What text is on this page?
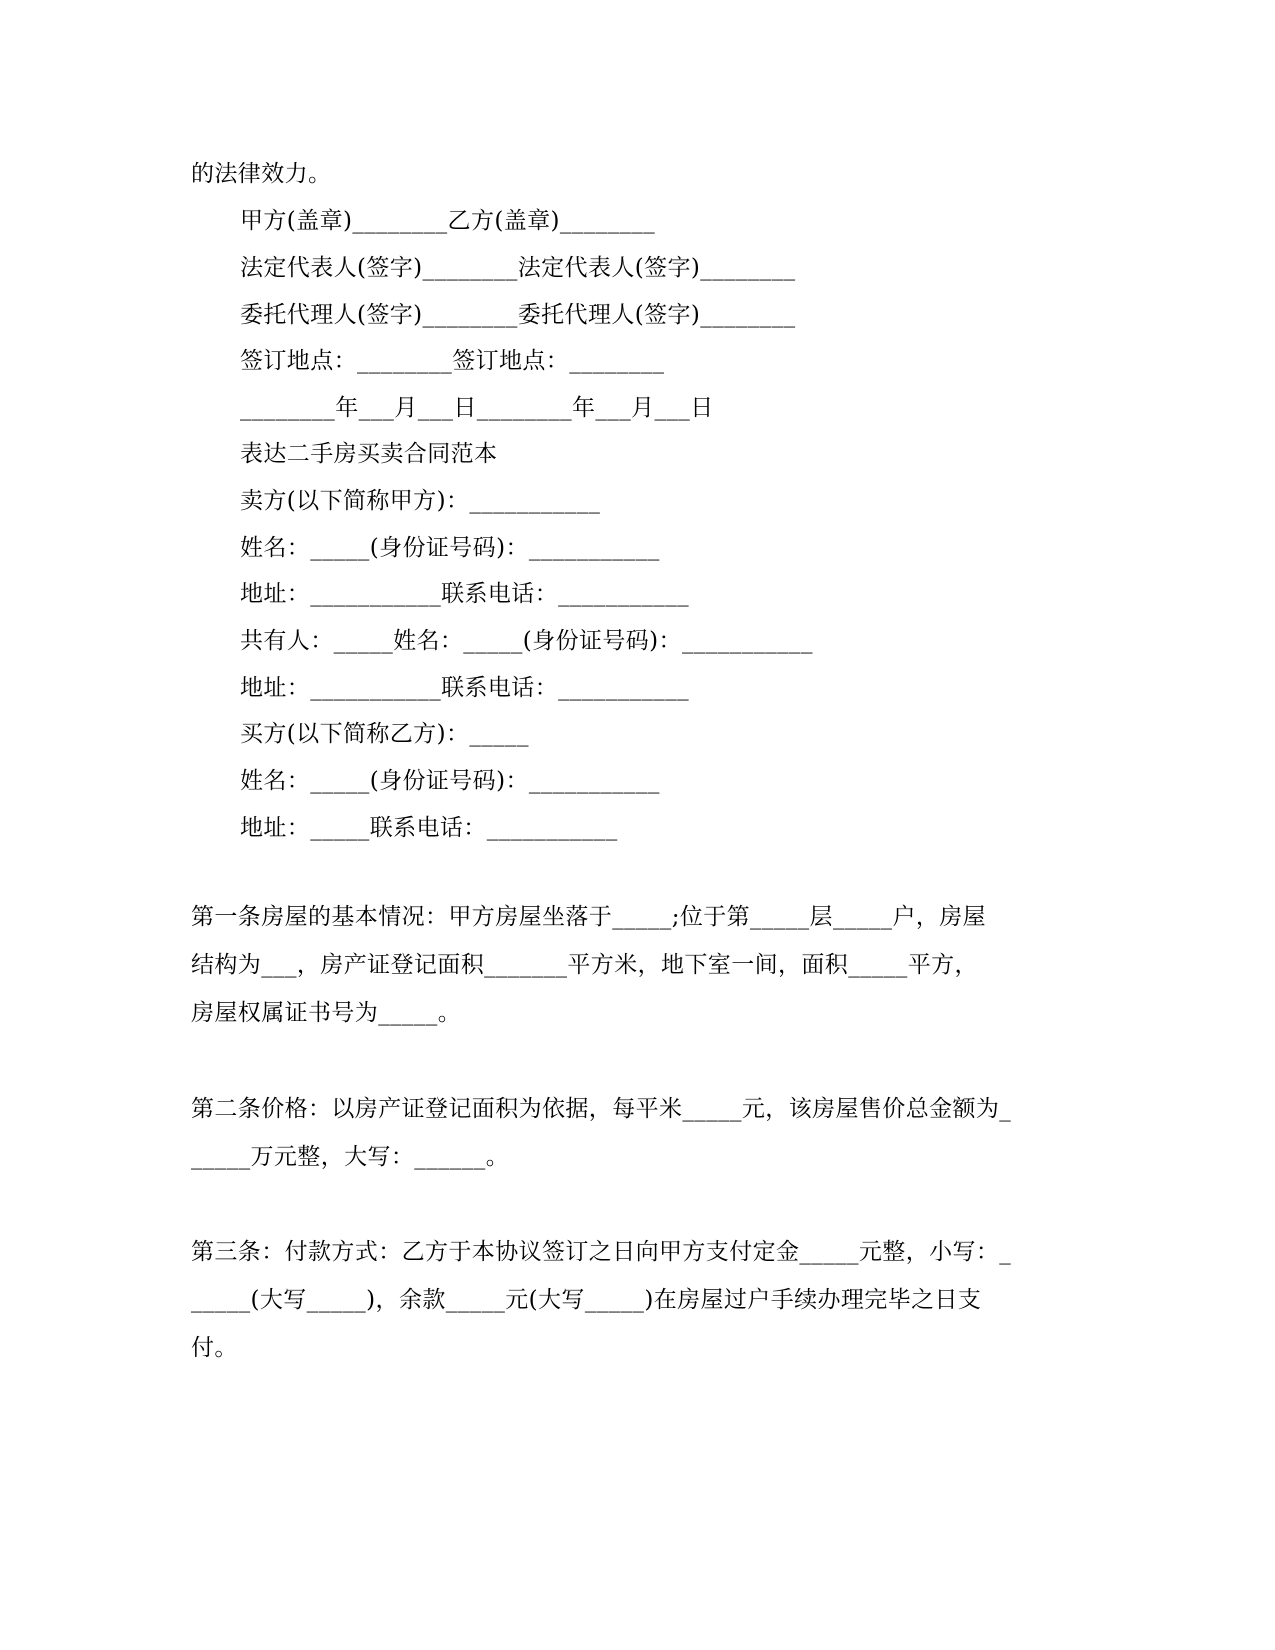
的法律效力。
甲方(盖章)________乙方(盖章)________
法定代表人(签字)________法定代表人(签字)________
委托代理人(签字)________委托代理人(签字)________
签订地点：________签订地点：________
________年___月___日________年___月___日
表达二手房买卖合同范本
卖方(以下简称甲方)：___________
姓名：_____(身份证号码)：___________
地址：___________联系电话：___________
共有人：_____姓名：_____(身份证号码)：___________
地址：___________联系电话：___________
买方(以下简称乙方)：_____
姓名：_____(身份证号码)：___________
地址：_____联系电话：___________
第一条房屋的基本情况：甲方房屋坐落于_____;位于第_____层_____户，房屋
结构为___，房产证登记面积_______平方米，地下室一间，面积_____平方，
房屋权属证书号为_____。
第二条价格：以房产证登记面积为依据，每平米_____元，该房屋售价总金额为_
_____万元整，大写：______。
第三条：付款方式：乙方于本协议签订之日向甲方支付定金_____元整，小写：_
_____(大写_____)，余款_____元(大写_____)在房屋过户手续办理完毕之日支
付。
